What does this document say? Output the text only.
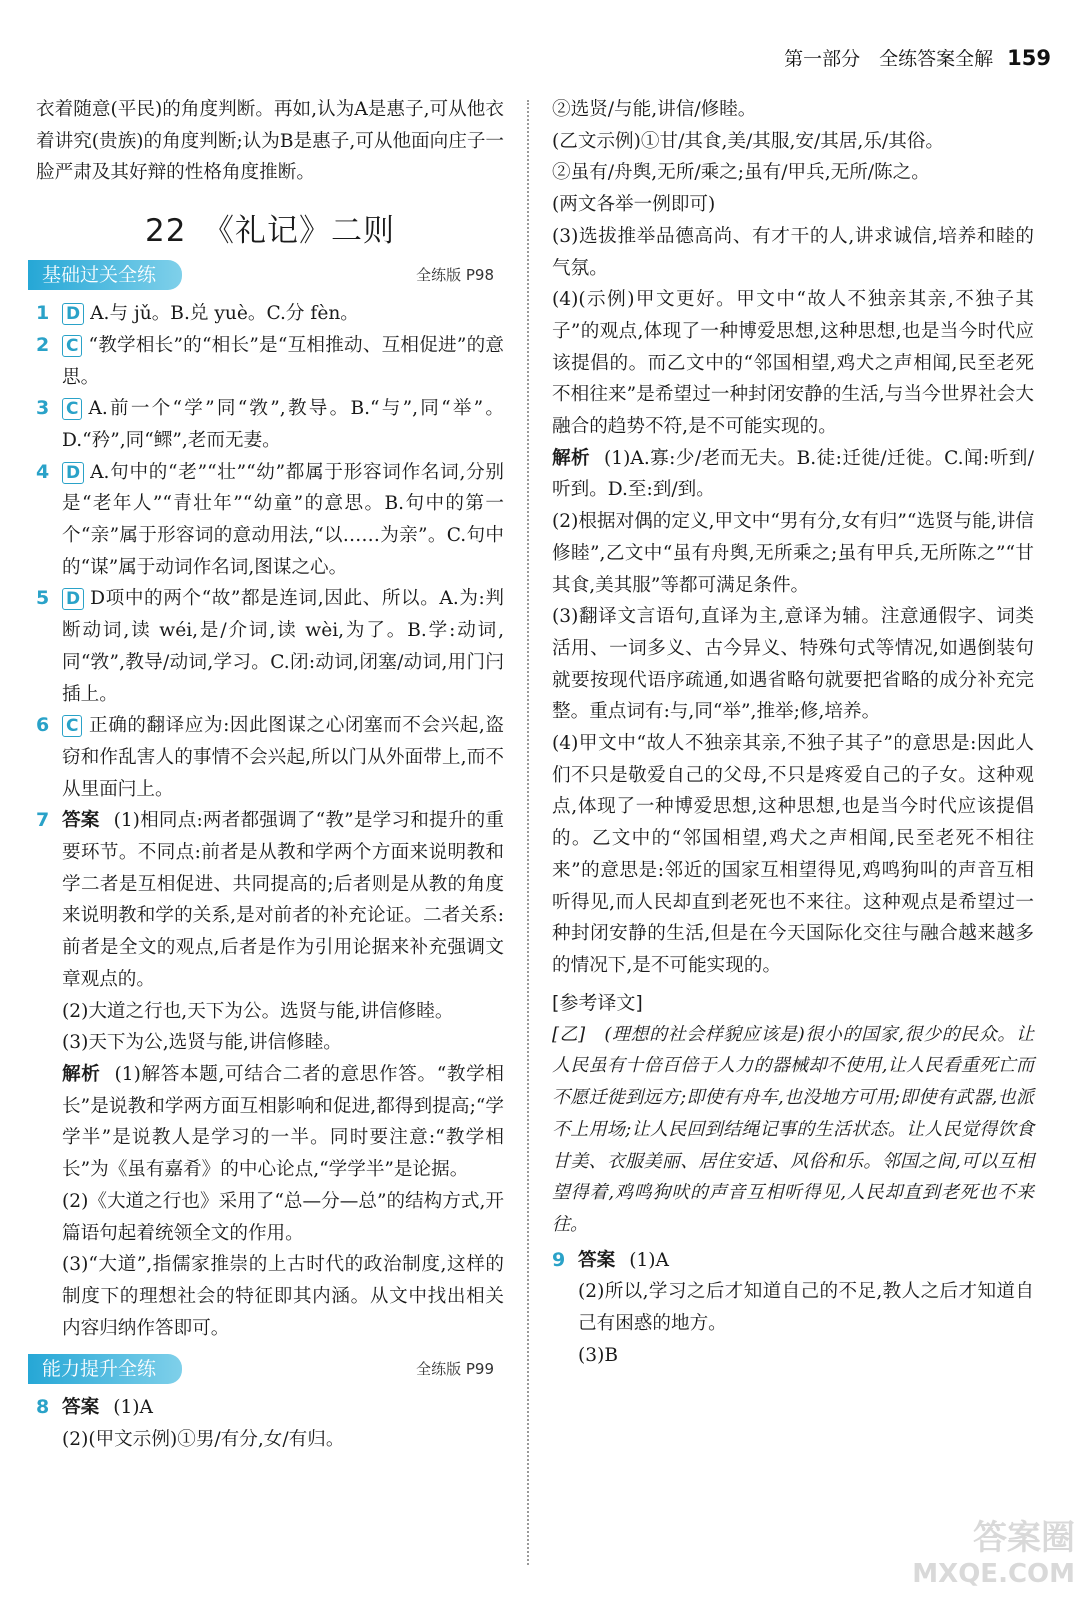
第一部分　全练答案全解 159

衣着随意(平民)的角度判断。再如,认为A是惠子,可从他衣着讲究(贵族)的角度判断;认为B是惠子,可从他面向庄子一脸严肃及其好辩的性格角度推断。

22　《礼记》二则
基础过关全练	全练版 P98
1 D A.与 jǔ。B.兑 yuè。C.分 fèn。
2 C “教学相长”的“相长”是“互相推动、互相促进”的意思。
3 C A.前一个“学”同“敩”,教导。B.“与”,同“举”。D.“矜”,同“鳏”,老而无妻。
4 D A.句中的“老”“壮”“幼”都属于形容词作名词,分别是“老年人”“青壮年”“幼童”的意思。B.句中的第一个“亲”属于形容词的意动用法,“以……为亲”。C.句中的“谋”属于动词作名词,图谋之心。
5 D D项中的两个“故”都是连词,因此、所以。A.为:判断动词,读 wéi,是/介词,读 wèi,为了。B.学:动词,同“敩”,教导/动词,学习。C.闭:动词,闭塞/动词,用门闩插上。
6 C 正确的翻译应为:因此图谋之心闭塞而不会兴起,盗窃和作乱害人的事情不会兴起,所以门从外面带上,而不从里面闩上。
7 答案 (1)相同点:两者都强调了“教”是学习和提升的重要环节。不同点:前者是从教和学两个方面来说明教和学二者是互相促进、共同提高的;后者则是从教的角度来说明教和学的关系,是对前者的补充论证。二者关系:前者是全文的观点,后者是作为引用论据来补充强调文章观点的。

(2)大道之行也,天下为公。选贤与能,讲信修睦。

(3)天下为公,选贤与能,讲信修睦。

解析 (1)解答本题,可结合二者的意思作答。“教学相长”是说教和学两方面互相影响和促进,都得到提高;“学学半”是说教人是学习的一半。同时要注意:“教学相长”为《虽有嘉肴》的中心论点,“学学半”是论据。

(2)《大道之行也》采用了“总—分—总”的结构方式,开篇语句起着统领全文的作用。

(3)“大道”,指儒家推崇的上古时代的政治制度,这样的制度下的理想社会的特征即其内涵。从文中找出相关内容归纳作答即可。

能力提升全练	全练版 P99
8 答案 (1)A

(2)(甲文示例)①男/有分,女/有归。

②选贤/与能,讲信/修睦。

(乙文示例)①甘/其食,美/其服,安/其居,乐/其俗。

②虽有/舟舆,无所/乘之;虽有/甲兵,无所/陈之。

(两文各举一例即可)

(3)选拔推举品德高尚、有才干的人,讲求诚信,培养和睦的气氛。

(4)(示例)甲文更好。甲文中“故人不独亲其亲,不独子其子”的观点,体现了一种博爱思想,这种思想,也是当今时代应该提倡的。而乙文中的“邻国相望,鸡犬之声相闻,民至老死不相往来”是希望过一种封闭安静的生活,与当今世界社会大融合的趋势不符,是不可能实现的。

解析 (1)A.寡:少/老而无夫。B.徒:迁徙/迁徙。C.闻:听到/听到。D.至:到/到。

(2)根据对偶的定义,甲文中“男有分,女有归”“选贤与能,讲信修睦”,乙文中“虽有舟舆,无所乘之;虽有甲兵,无所陈之”“甘其食,美其服”等都可满足条件。

(3)翻译文言语句,直译为主,意译为辅。注意通假字、词类活用、一词多义、古今异义、特殊句式等情况,如遇倒装句就要按现代语序疏通,如遇省略句就要把省略的成分补充完整。重点词有:与,同“举”,推举;修,培养。

(4)甲文中“故人不独亲其亲,不独子其子”的意思是:因此人们不只是敬爱自己的父母,不只是疼爱自己的子女。这种观点,体现了一种博爱思想,这种思想,也是当今时代应该提倡的。乙文中的“邻国相望,鸡犬之声相闻,民至老死不相往来”的意思是:邻近的国家互相望得见,鸡鸣狗叫的声音互相听得见,而人民却直到老死也不来往。这种观点是希望过一种封闭安静的生活,但是在今天国际化交往与融合越来越多的情况下,是不可能实现的。

[参考译文]

[乙]　(理想的社会样貌应该是)很小的国家,很少的民众。让人民虽有十倍百倍于人力的器械却不使用,让人民看重死亡而不愿迁徙到远方;即使有舟车,也没地方可用;即使有武器,也派不上用场;让人民回到结绳记事的生活状态。让人民觉得饮食甘美、衣服美丽、居住安适、风俗和乐。邻国之间,可以互相望得着,鸡鸣狗吠的声音互相听得见,人民却直到老死也不来往。

9 答案 (1)A

(2)所以,学习之后才知道自己的不足,教人之后才知道自己有困惑的地方。

(3)B

答案圈
MXQE.COM
